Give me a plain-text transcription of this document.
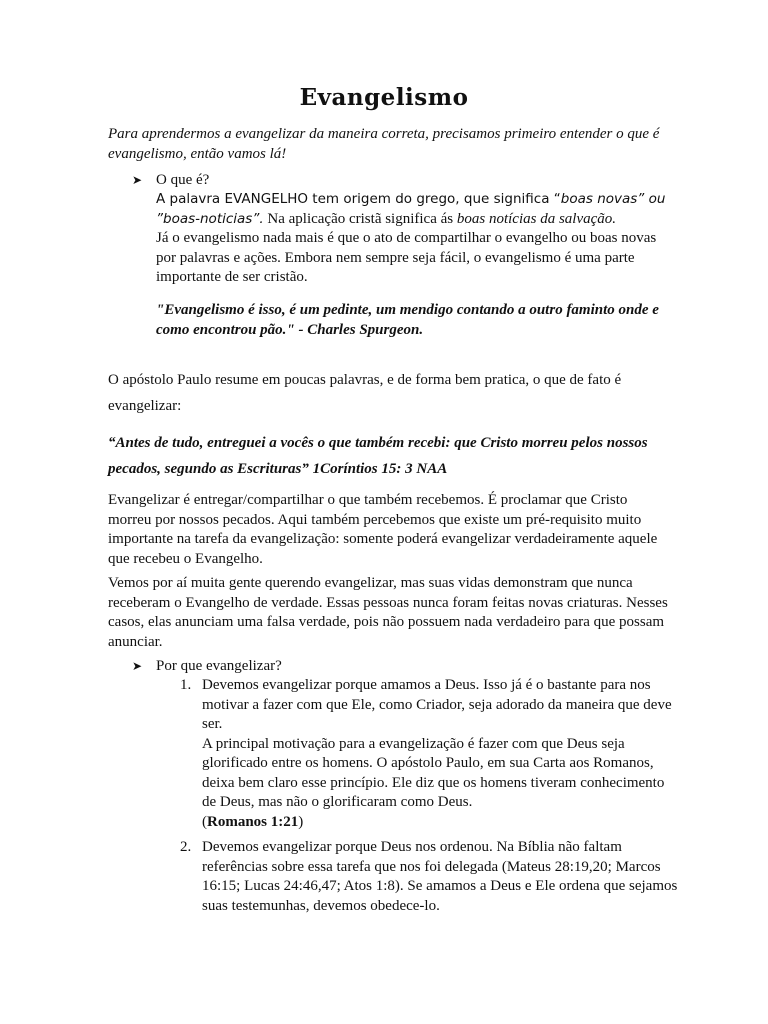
Evangelismo
Para aprendermos a evangelizar da maneira correta, precisamos primeiro entender o que é evangelismo, então vamos lá!
➤ O que é?
A palavra EVANGELHO tem origem do grego, que significa “boas novas” ou ”boas-noticias”. Na aplicação cristã significa ás boas notícias da salvação.
Já o evangelismo nada mais é que o ato de compartilhar o evangelho ou boas novas por palavras e ações. Embora nem sempre seja fácil, o evangelismo é uma parte importante de ser cristão.
"Evangelismo é isso, é um pedinte, um mendigo contando a outro faminto onde e como encontrou pão." - Charles Spurgeon.
O apóstolo Paulo resume em poucas palavras, e de forma bem pratica, o que de fato é evangelizar:
“Antes de tudo, entreguei a vocês o que também recebi: que Cristo morreu pelos nossos pecados, segundo as Escrituras” 1Coríntios 15: 3 NAA
Evangelizar é entregar/compartilhar o que também recebemos. É proclamar que Cristo morreu por nossos pecados. Aqui também percebemos que existe um pré-requisito muito importante na tarefa da evangelização: somente poderá evangelizar verdadeiramente aquele que recebeu o Evangelho.
Vemos por aí muita gente querendo evangelizar, mas suas vidas demonstram que nunca receberam o Evangelho de verdade. Essas pessoas nunca foram feitas novas criaturas. Nesses casos, elas anunciam uma falsa verdade, pois não possuem nada verdadeiro para que possam anunciar.
➤ Por que evangelizar?
1. Devemos evangelizar porque amamos a Deus. Isso já é o bastante para nos motivar a fazer com que Ele, como Criador, seja adorado da maneira que deve ser.
A principal motivação para a evangelização é fazer com que Deus seja glorificado entre os homens. O apóstolo Paulo, em sua Carta aos Romanos, deixa bem claro esse princípio. Ele diz que os homens tiveram conhecimento de Deus, mas não o glorificaram como Deus.
(Romanos 1:21)
2. Devemos evangelizar porque Deus nos ordenou. Na Bíblia não faltam referências sobre essa tarefa que nos foi delegada (Mateus 28:19,20; Marcos 16:15; Lucas 24:46,47; Atos 1:8). Se amamos a Deus e Ele ordena que sejamos suas testemunhas, devemos obedece-lo.
